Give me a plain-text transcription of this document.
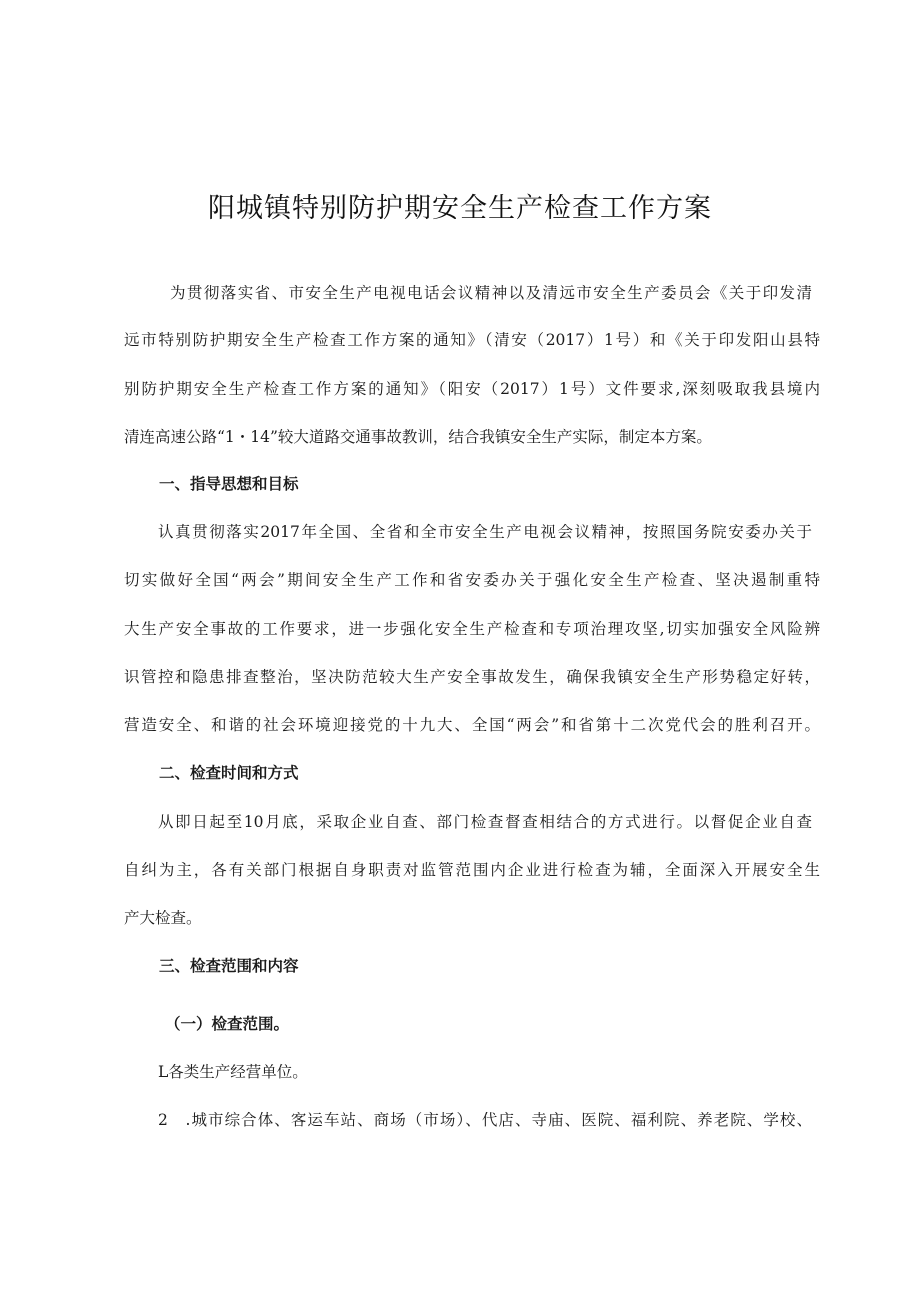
阳城镇特别防护期安全生产检查工作方案
为贯彻落实省、市安全生产电视电话会议精神以及清远市安全生产委员会《关于印发清
远市特别防护期安全生产检查工作方案的通知》（清安（2017）1号）和《关于印发阳山县特
别防护期安全生产检查工作方案的通知》（阳安（2017）1号）文件要求,深刻吸取我县境内
清连高速公路“1・14”较大道路交通事故教训，结合我镇安全生产实际，制定本方案。
一、指导思想和目标
认真贯彻落实2017年全国、全省和全市安全生产电视会议精神，按照国务院安委办关于
切实做好全国“两会”期间安全生产工作和省安委办关于强化安全生产检查、坚决遏制重特
大生产安全事故的工作要求，进一步强化安全生产检查和专项治理攻坚,切实加强安全风险辨
识管控和隐患排查整治，坚决防范较大生产安全事故发生，确保我镇安全生产形势稳定好转，
营造安全、和谐的社会环境迎接党的十九大、全国“两会”和省第十二次党代会的胜利召开。
二、检查时间和方式
从即日起至10月底，采取企业自查、部门检查督查相结合的方式进行。以督促企业自查
自纠为主，各有关部门根据自身职责对监管范围内企业进行检查为辅，全面深入开展安全生
产大检查。
三、检查范围和内容
（一）检查范围。
L各类生产经营单位。
2　.城市综合体、客运车站、商场（市场）、代店、寺庙、医院、福利院、养老院、学校、
